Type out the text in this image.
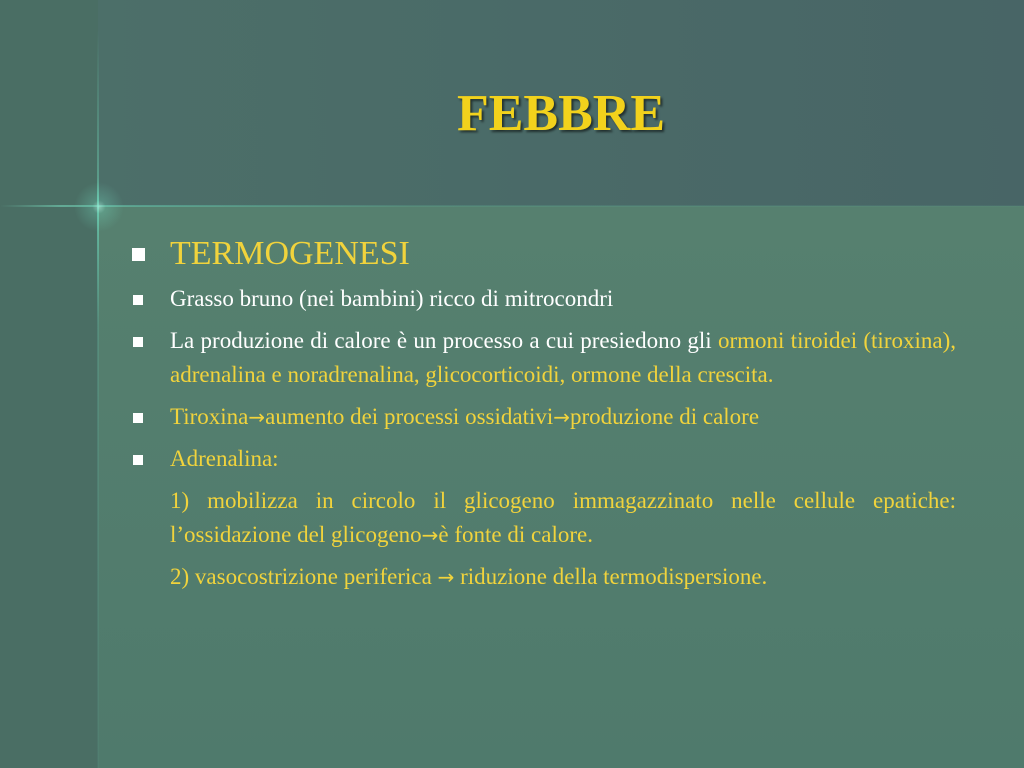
FEBBRE
TERMOGENESI
Grasso bruno (nei bambini) ricco di mitrocondri
La produzione di calore è un processo a cui presiedono gli ormoni tiroidei (tiroxina), adrenalina e noradrenalina, glicocorticoidi, ormone della crescita.
Tiroxina→aumento dei processi ossidativi→produzione di calore
Adrenalina:
1) mobilizza in circolo il glicogeno immagazzinato nelle cellule epatiche: l’ossidazione del glicogeno→è fonte di calore.
2) vasocostrizione periferica → riduzione della termodispersione.
